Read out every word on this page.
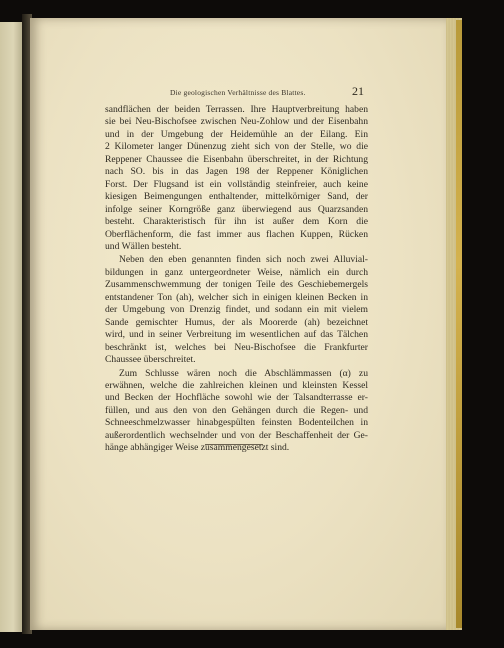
Die geologischen Verhältnisse des Blattes.	21
sandflächen der beiden Terrassen. Ihre Hauptverbreitung haben
sie bei Neu-Bischofsee zwischen Neu-Zohlow und der Eisenbahn
und in der Umgebung der Heidemühle an der Eilang. Ein
2 Kilometer langer Dünenzug zieht sich von der Stelle, wo die
Reppener Chaussee die Eisenbahn überschreitet, in der Richtung
nach SO. bis in das Jagen 198 der Reppener Königlichen
Forst. Der Flugsand ist ein vollständig steinfreier, auch keine
kiesigen Beimengungen enthaltender, mittelkörniger Sand, der
infolge seiner Korngröße ganz überwiegend aus Quarzsanden
besteht. Charakteristisch für ihn ist außer dem Korn die
Oberflächenform, die fast immer aus flachen Kuppen, Rücken
und Wällen besteht.
Neben den eben genannten finden sich noch zwei Alluvial-
bildungen in ganz untergeordneter Weise, nämlich ein durch
Zusammenschwemmung der tonigen Teile des Geschiebemergels
entstandener Ton (ah), welcher sich in einigen kleinen Becken in
der Umgebung von Drenzig findet, und sodann ein mit vielem
Sande gemischter Humus, der als Moorerde (ah) bezeichnet
wird, und in seiner Verbreitung im wesentlichen auf das Tälchen
beschränkt ist, welches bei Neu-Bischofsee die Frankfurter
Chaussee überschreitet.
Zum Schlusse wären noch die Abschlämmassen (α) zu
erwähnen, welche die zahlreichen kleinen und kleinsten Kessel
und Becken der Hochfläche sowohl wie der Talsandterrasse er-
füllen, und aus den von den Gehängen durch die Regen- und
Schneeschmelzwasser hinabgespülten feinsten Bodenteilchen in
außerordentlich wechselnder und von der Beschaffenheit der Ge-
hänge abhängiger Weise zusammengesetzt sind.
